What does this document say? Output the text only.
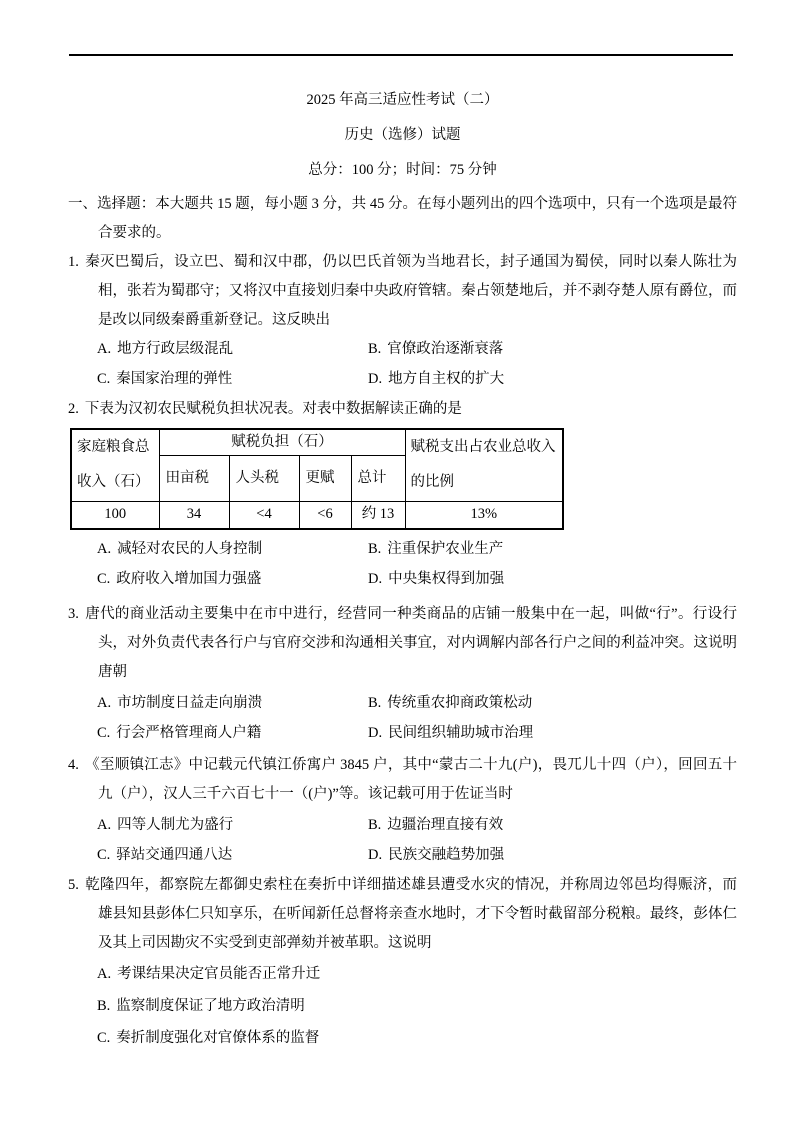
2025 年高三适应性考试（二）

历史（选修）试题

总分：100 分；时间：75 分钟

一、选择题：本大题共 15 题，每小题 3 分，共 45 分。在每小题列出的四个选项中，只有一个选项是最符合要求的。

1. 秦灭巴蜀后，设立巴、蜀和汉中郡，仍以巴氏首领为当地君长，封子通国为蜀侯，同时以秦人陈壮为相，张若为蜀郡守；又将汉中直接划归秦中央政府管辖。秦占领楚地后，并不剥夺楚人原有爵位，而是改以同级秦爵重新登记。这反映出

A. 地方行政层级混乱	B. 官僚政治逐渐衰落
C. 秦国家治理的弹性	D. 地方自主权的扩大

2. 下表为汉初农民赋税负担状况表。对表中数据解读正确的是

家庭粮食总收入（石）	赋税负担（石）				赋税支出占农业总收入的比例
	田亩税	人头税	更赋	总计	
100	34	<4	<6	约 13	13%
A. 减轻对农民的人身控制	B. 注重保护农业生产
C. 政府收入增加国力强盛	D. 中央集权得到加强

3. 唐代的商业活动主要集中在市中进行，经营同一种类商品的店铺一般集中在一起，叫做“行”。行设行头，对外负责代表各行户与官府交涉和沟通相关事宜，对内调解内部各行户之间的利益冲突。这说明唐朝

A. 市坊制度日益走向崩溃	B. 传统重农抑商政策松动
C. 行会严格管理商人户籍	D. 民间组织辅助城市治理

4. 《至顺镇江志》中记载元代镇江侨寓户 3845 户，其中“蒙古二十九(户)，畏兀儿十四（户），回回五十九（户），汉人三千六百七十一（(户)”等。该记载可用于佐证当时

A. 四等人制尤为盛行	B. 边疆治理直接有效
C. 驿站交通四通八达	D. 民族交融趋势加强

5. 乾隆四年，都察院左都御史索柱在奏折中详细描述雄县遭受水灾的情况，并称周边邻邑均得赈济，而雄县知县彭体仁只知享乐，在听闻新任总督将亲查水地时，才下令暂时截留部分税粮。最终，彭体仁及其上司因勘灾不实受到吏部弹劾并被革职。这说明

A. 考课结果决定官员能否正常升迁
B. 监察制度保证了地方政治清明
C. 奏折制度强化对官僚体系的监督
